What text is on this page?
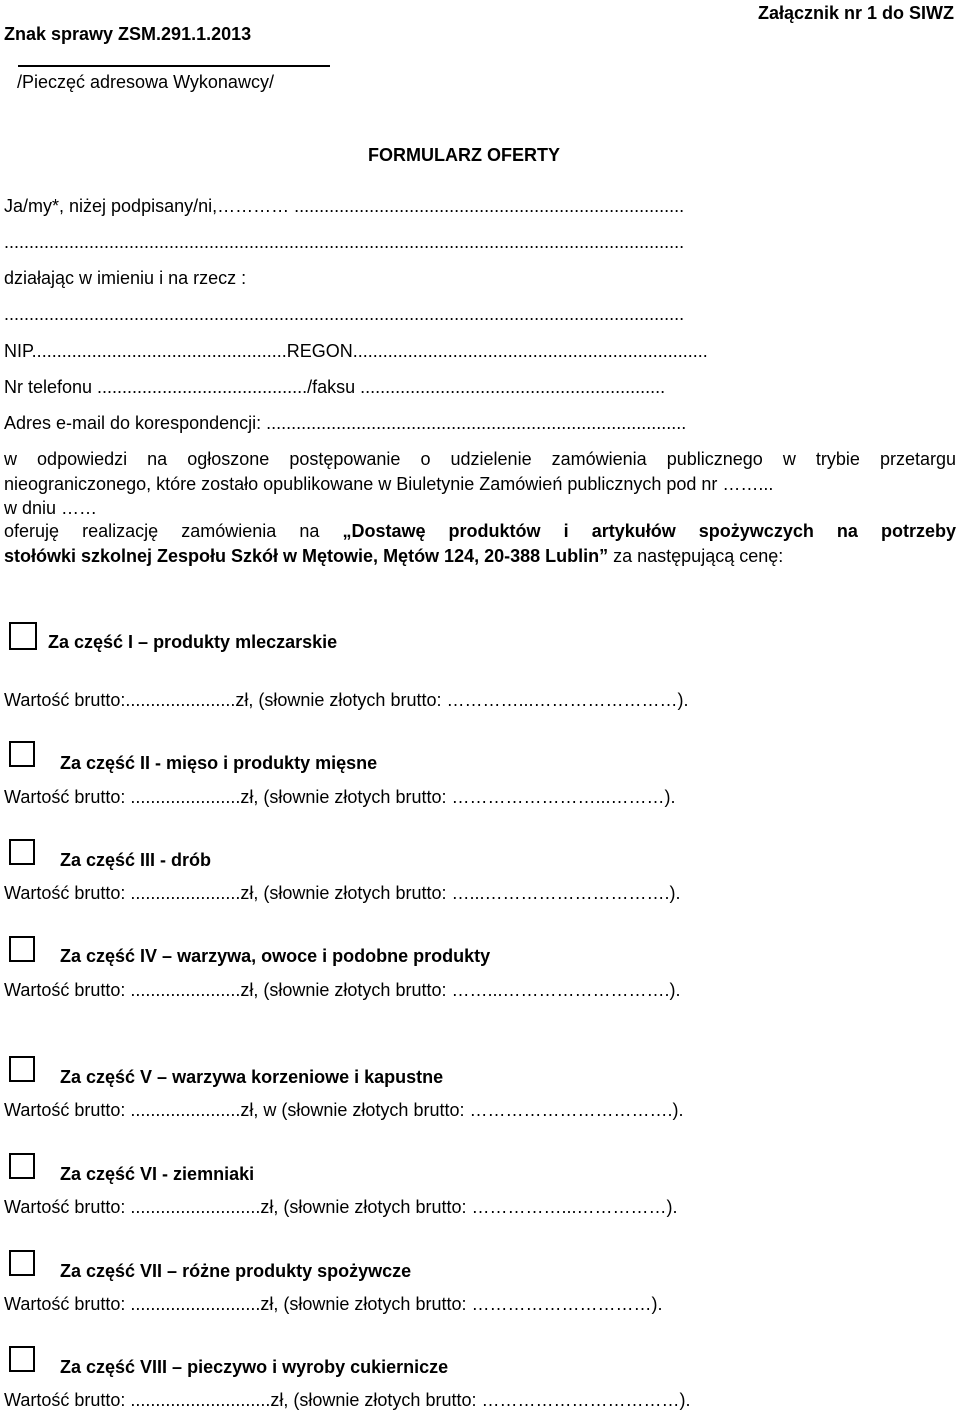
Znak sprawy ZSM.291.1.2013
Załącznik nr 1 do SIWZ
/Pieczęć adresowa Wykonawcy/
FORMULARZ OFERTY
Ja/my*, niżej podpisany/ni,………… ..............................................................................
........................................................................................................................................
działając w imieniu i na rzecz :
........................................................................................................................................
NIP...................................................REGON.......................................................................
Nr telefonu ........................................../faksu .............................................................
Adres e-mail do korespondencji: ....................................................................................
w odpowiedzi na ogłoszone postępowanie o udzielenie zamówienia publicznego w trybie przetargu
nieograniczonego, które zostało opublikowane w Biuletynie Zamówień publicznych pod nr ……...
w dniu ……
oferuję realizację zamówienia na „Dostawę produktów i artykułów spożywczych na potrzeby
stołówki szkolnej Zespołu Szkół w Mętowie, Mętów 124, 20-388 Lublin” za następującą cenę:
Za część I – produkty mleczarskie
Wartość brutto:......................zł, (słownie złotych brutto: …………...……………………).
Za część II - mięso i produkty mięsne
Wartość brutto: ......................zł, (słownie złotych brutto: ……………………...………).
Za część III - drób
Wartość brutto: ......................zł, (słownie złotych brutto: …...………………………….).
Za część IV – warzywa, owoce i podobne produkty
Wartość brutto: ......................zł, (słownie złotych brutto: ……...……………………….).
Za część V – warzywa korzeniowe i kapustne
Wartość brutto: ......................zł, w (słownie złotych brutto: …………………………….).
Za część VI - ziemniaki
Wartość brutto: ..........................zł, (słownie złotych brutto: ……………...……………).
Za część VII – różne produkty spożywcze
Wartość brutto: ..........................zł, (słownie złotych brutto: …………………………).
Za część VIII – pieczywo i wyroby cukiernicze
Wartość brutto: ............................zł, (słownie złotych brutto: ……………………………).
